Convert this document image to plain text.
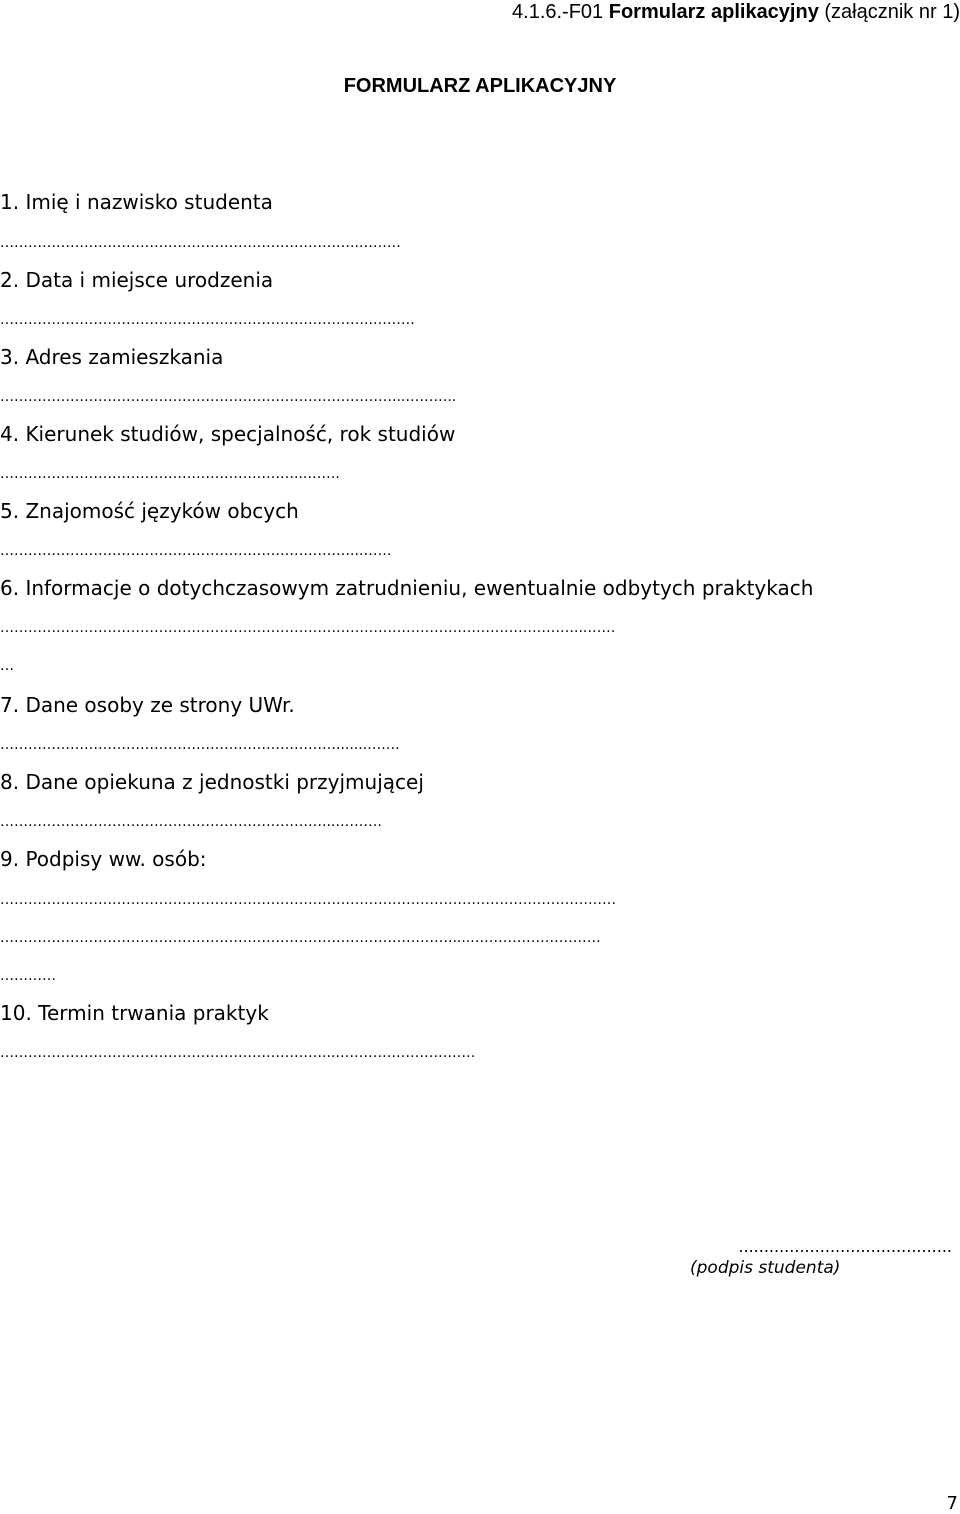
4.1.6.-F01 Formularz aplikacyjny (załącznik nr 1)
FORMULARZ APLIKACYJNY
1. Imię i nazwisko studenta
…………………………………………………………………..………
2. Data i miejsce urodzenia
……………………………………………………………………..………
3. Adres zamieszkania
…………………………………………………………………………...………..
4. Kierunek studiów, specjalność, rok studiów
………………………………………………………...…….
5. Znajomość języków obcych
…………………………………………………………………..…….
6. Informacje o dotychczasowym zatrudnieniu, ewentualnie odbytych praktykach
……………………………………………………………………………………………………………...……
…
7. Dane osoby ze strony UWr.
……………………………………………………………….......…….
8. Dane opiekuna z jednostki przyjmującej
……………………………………………………………...……….
9. Podpisy ww. osób:
……………………………………………………………………………………………………………………
……………………………………………………………………………………......………………………
…………
10. Termin trwania praktyk
……………………………………………………………...…………………………
..........................................
(podpis studenta)
7
